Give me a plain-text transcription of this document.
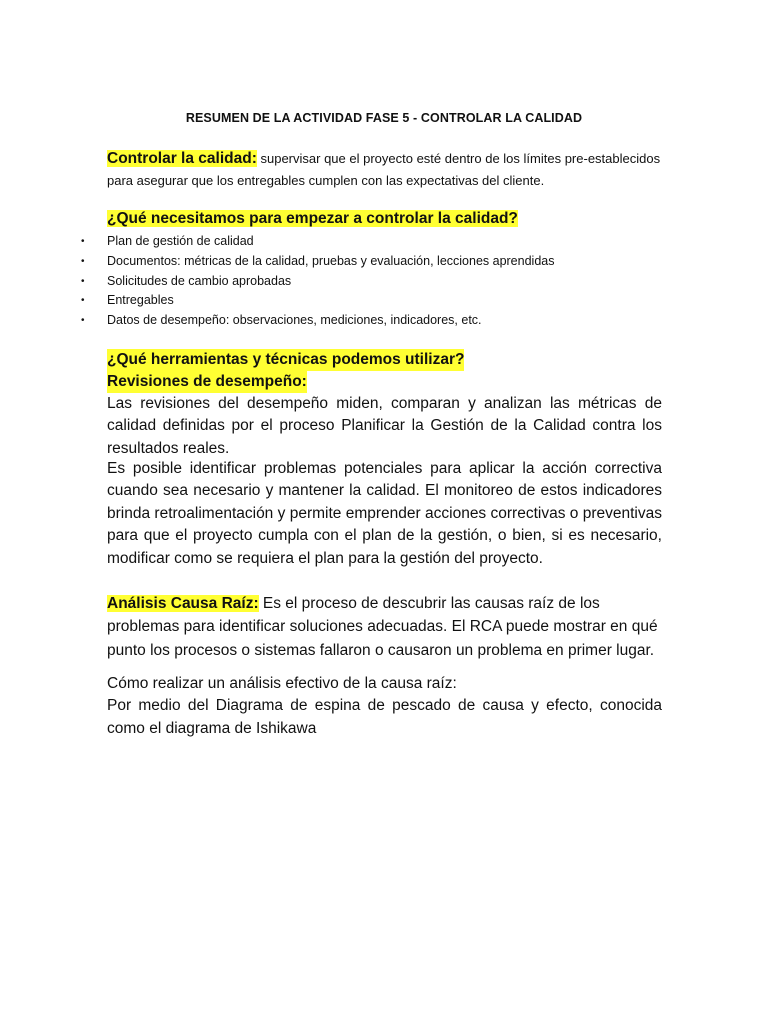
RESUMEN DE LA ACTIVIDAD FASE 5 - CONTROLAR LA CALIDAD
Controlar la calidad: supervisar que el proyecto esté dentro de los límites pre-establecidos para asegurar que los entregables cumplen con las expectativas del cliente.
¿Qué necesitamos para empezar a controlar la calidad?
• Plan de gestión de calidad
• Documentos: métricas de la calidad, pruebas y evaluación, lecciones aprendidas
• Solicitudes de cambio aprobadas
• Entregables
• Datos de desempeño: observaciones, mediciones, indicadores, etc.
¿Qué herramientas y técnicas podemos utilizar?
Revisiones de desempeño:
Las revisiones del desempeño miden, comparan y analizan las métricas de calidad definidas por el proceso Planificar la Gestión de la Calidad contra los resultados reales.
Es posible identificar problemas potenciales para aplicar la acción correctiva cuando sea necesario y mantener la calidad. El monitoreo de estos indicadores brinda retroalimentación y permite emprender acciones correctivas o preventivas para que el proyecto cumpla con el plan de la gestión, o bien, si es necesario, modificar como se requiera el plan para la gestión del proyecto.
Análisis Causa Raíz: Es el proceso de descubrir las causas raíz de los problemas para identificar soluciones adecuadas. El RCA puede mostrar en qué punto los procesos o sistemas fallaron o causaron un problema en primer lugar.
Cómo realizar un análisis efectivo de la causa raíz:
Por medio del Diagrama de espina de pescado de causa y efecto, conocida como el diagrama de Ishikawa
